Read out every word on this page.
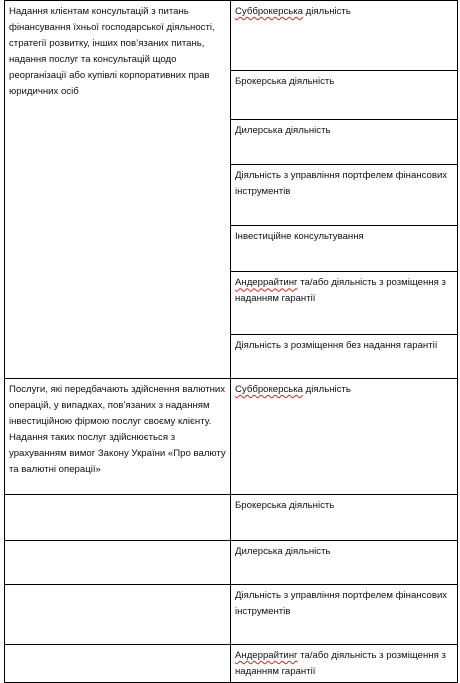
Надання клієнтам консультацій з питань фінансування їхньої господарської діяльності, стратегії розвитку, інших пов’язаних питань, надання послуг та консультацій щодо реорганізації або купівлі корпоративних прав юридичних осіб	Субброкерська діяльність
	Брокерська діяльність
	Дилерська діяльність
	Діяльність з управління портфелем фінансових інструментів
	Інвестиційне консультування
	Андеррайтинг та/або діяльність з розміщення з наданням гарантії
	Діяльність з розміщення без надання гарантії
Послуги, які передбачають здійснення валютних операцій, у випадках, пов’язаних з наданням інвестиційною фірмою послуг своєму клієнту. Надання таких послуг здійснюється з урахуванням вимог Закону України «Про валюту та валютні операції»	Субброкерська діяльність
	Брокерська діяльність
	Дилерська діяльність
	Діяльність з управління портфелем фінансових інструментів
	Андеррайтинг та/або діяльність з розміщення з наданням гарантії
